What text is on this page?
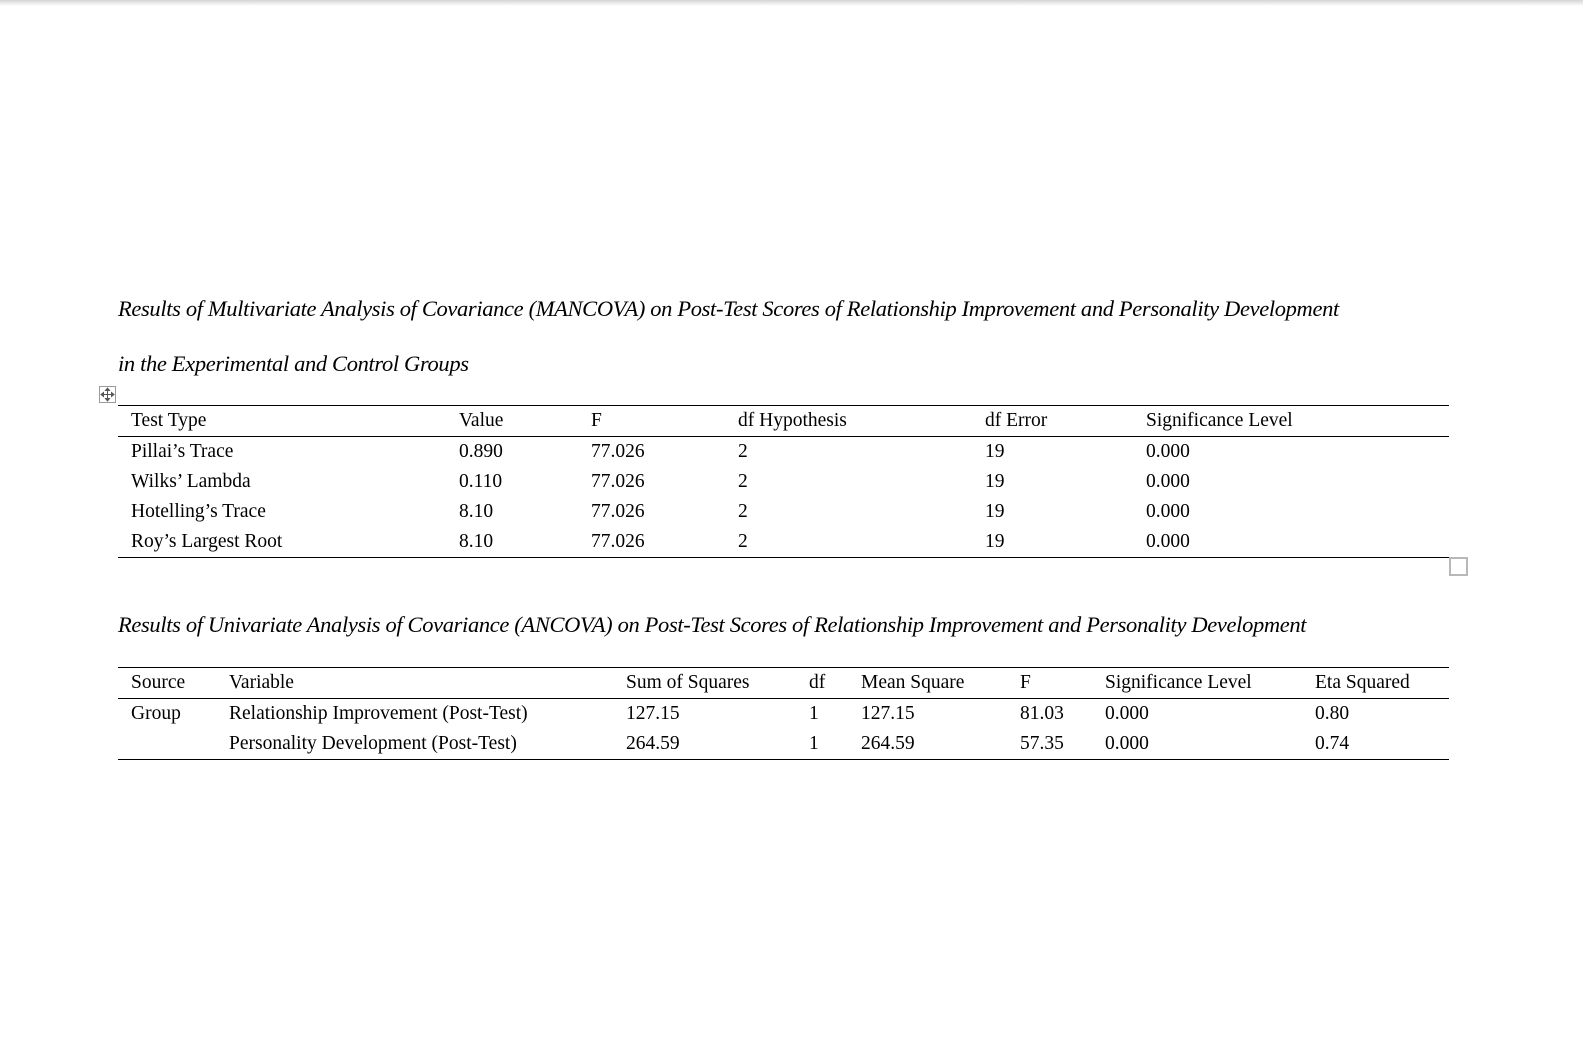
Results of Multivariate Analysis of Covariance (MANCOVA) on Post-Test Scores of Relationship Improvement and Personality Development
in the Experimental and Control Groups
Test Type	Value	F	df Hypothesis	df Error	Significance Level
Pillai’s Trace	0.890	77.026	2	19	0.000
Wilks’ Lambda	0.110	77.026	2	19	0.000
Hotelling’s Trace	8.10	77.026	2	19	0.000
Roy’s Largest Root	8.10	77.026	2	19	0.000
Results of Univariate Analysis of Covariance (ANCOVA) on Post-Test Scores of Relationship Improvement and Personality Development
Source	Variable	Sum of Squares	df	Mean Square	F	Significance Level	Eta Squared
Group	Relationship Improvement (Post-Test)	127.15	1	127.15	81.03	0.000	0.80
	Personality Development (Post-Test)	264.59	1	264.59	57.35	0.000	0.74
